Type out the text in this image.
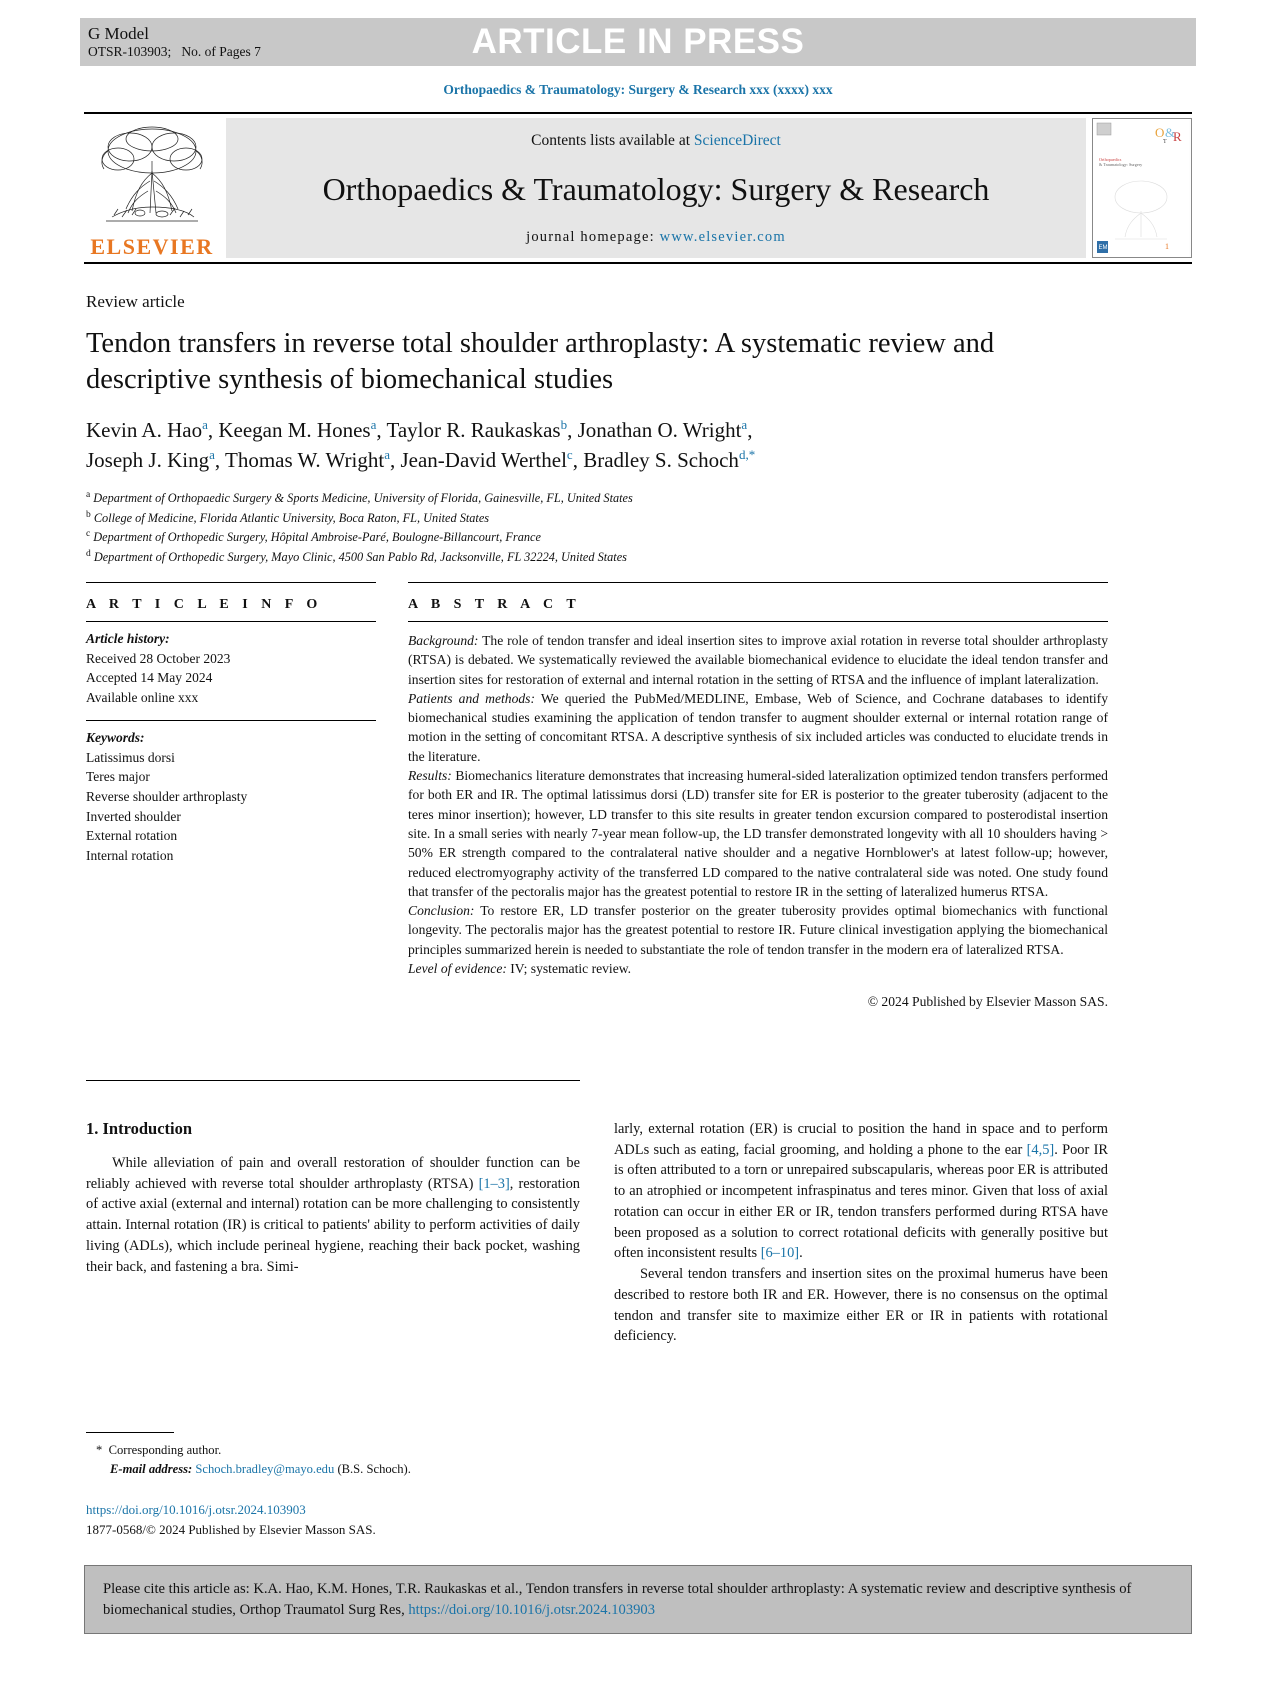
G Model
OTSR-103903;   No. of Pages 7	ARTICLE IN PRESS
Orthopaedics & Traumatology: Surgery & Research xxx (xxxx) xxx
ELSEVIER
Contents lists available at ScienceDirect
Orthopaedics & Traumatology: Surgery & Research
journal homepage: www.elsevier.com
O &
R
T
Orthopaedics
& Traumatology: Surgery
EM	1
Review article
Tendon transfers in reverse total shoulder arthroplasty: A systematic review and descriptive synthesis of biomechanical studies
Kevin A. Hao$^a$, Keegan M. Hones$^a$, Taylor R. Raukaskas$^b$, Jonathan O. Wright$^a$,
Joseph J. King$^a$, Thomas W. Wright$^a$, Jean-David Werthel$^c$, Bradley S. Schoch$^{d,*}$
$^a$ Department of Orthopaedic Surgery & Sports Medicine, University of Florida, Gainesville, FL, United States
$^b$ College of Medicine, Florida Atlantic University, Boca Raton, FL, United States
$^c$ Department of Orthopedic Surgery, Hôpital Ambroise-Paré, Boulogne-Billancourt, France
$^d$ Department of Orthopedic Surgery, Mayo Clinic, 4500 San Pablo Rd, Jacksonville, FL 32224, United States
A R T I C L E I N F O
Article history:
Received 28 October 2023
Accepted 14 May 2024
Available online xxx
Keywords:
Latissimus dorsi
Teres major
Reverse shoulder arthroplasty
Inverted shoulder
External rotation
Internal rotation
A B S T R A C T

Background: The role of tendon transfer and ideal insertion sites to improve axial rotation in reverse total shoulder arthroplasty (RTSA) is debated. We systematically reviewed the available biomechanical evidence to elucidate the ideal tendon transfer and insertion sites for restoration of external and internal rotation in the setting of RTSA and the influence of implant lateralization.

Patients and methods: We queried the PubMed/MEDLINE, Embase, Web of Science, and Cochrane databases to identify biomechanical studies examining the application of tendon transfer to augment shoulder external or internal rotation range of motion in the setting of concomitant RTSA. A descriptive synthesis of six included articles was conducted to elucidate trends in the literature.

Results: Biomechanics literature demonstrates that increasing humeral-sided lateralization optimized tendon transfers performed for both ER and IR. The optimal latissimus dorsi (LD) transfer site for ER is posterior to the greater tuberosity (adjacent to the teres minor insertion); however, LD transfer to this site results in greater tendon excursion compared to posterodistal insertion site. In a small series with nearly 7-year mean follow-up, the LD transfer demonstrated longevity with all 10 shoulders having > 50% ER strength compared to the contralateral native shoulder and a negative Hornblower's at latest follow-up; however, reduced electromyography activity of the transferred LD compared to the native contralateral side was noted. One study found that transfer of the pectoralis major has the greatest potential to restore IR in the setting of lateralized humerus RTSA.

Conclusion: To restore ER, LD transfer posterior on the greater tuberosity provides optimal biomechanics with functional longevity. The pectoralis major has the greatest potential to restore IR. Future clinical investigation applying the biomechanical principles summarized herein is needed to substantiate the role of tendon transfer in the modern era of lateralized RTSA.

Level of evidence: IV; systematic review.

© 2024 Published by Elsevier Masson SAS.
1. Introduction

While alleviation of pain and overall restoration of shoulder function can be reliably achieved with reverse total shoulder arthroplasty (RTSA) [1–3], restoration of active axial (external and internal) rotation can be more challenging to consistently attain. Internal rotation (IR) is critical to patients' ability to perform activities of daily living (ADLs), which include perineal hygiene, reaching their back pocket, washing their back, and fastening a bra. Simi-

larly, external rotation (ER) is crucial to position the hand in space and to perform ADLs such as eating, facial grooming, and holding a phone to the ear [4,5]. Poor IR is often attributed to a torn or unrepaired subscapularis, whereas poor ER is attributed to an atrophied or incompetent infraspinatus and teres minor. Given that loss of axial rotation can occur in either ER or IR, tendon transfers performed during RTSA have been proposed as a solution to correct rotational deficits with generally positive but often inconsistent results [6–10].

Several tendon transfers and insertion sites on the proximal humerus have been described to restore both IR and ER. However, there is no consensus on the optimal tendon and transfer site to maximize either ER or IR in patients with rotational deficiency.

* Corresponding author.
E-mail address: Schoch.bradley@mayo.edu (B.S. Schoch).
https://doi.org/10.1016/j.otsr.2024.103903
1877-0568/© 2024 Published by Elsevier Masson SAS.
Please cite this article as: K.A. Hao, K.M. Hones, T.R. Raukaskas et al., Tendon transfers in reverse total shoulder arthroplasty: A systematic review and descriptive synthesis of biomechanical studies, Orthop Traumatol Surg Res, https://doi.org/10.1016/j.otsr.2024.103903
